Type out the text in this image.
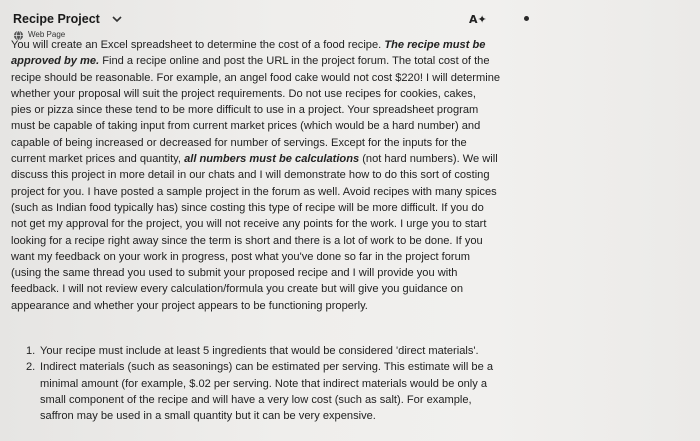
Recipe Project	A✦
Web Page
You will create an Excel spreadsheet to determine the cost of a food recipe. The recipe must be
approved by me. Find a recipe online and post the URL in the project forum. The total cost of the
recipe should be reasonable. For example, an angel food cake would not cost $220! I will determine
whether your proposal will suit the project requirements. Do not use recipes for cookies, cakes,
pies or pizza since these tend to be more difficult to use in a project. Your spreadsheet program
must be capable of taking input from current market prices (which would be a hard number) and
capable of being increased or decreased for number of servings. Except for the inputs for the
current market prices and quantity, all numbers must be calculations (not hard numbers). We will
discuss this project in more detail in our chats and I will demonstrate how to do this sort of costing
project for you. I have posted a sample project in the forum as well. Avoid recipes with many spices
(such as Indian food typically has) since costing this type of recipe will be more difficult. If you do
not get my approval for the project, you will not receive any points for the work. I urge you to start
looking for a recipe right away since the term is short and there is a lot of work to be done. If you
want my feedback on your work in progress, post what you've done so far in the project forum
(using the same thread you used to submit your proposed recipe and I will provide you with
feedback. I will not review every calculation/formula you create but will give you guidance on
appearance and whether your project appears to be functioning properly.
1. Your recipe must include at least 5 ingredients that would be considered 'direct materials'.
2. Indirect materials (such as seasonings) can be estimated per serving. This estimate will be a
minimal amount (for example, $.02 per serving. Note that indirect materials would be only a
small component of the recipe and will have a very low cost (such as salt). For example,
saffron may be used in a small quantity but it can be very expensive.
